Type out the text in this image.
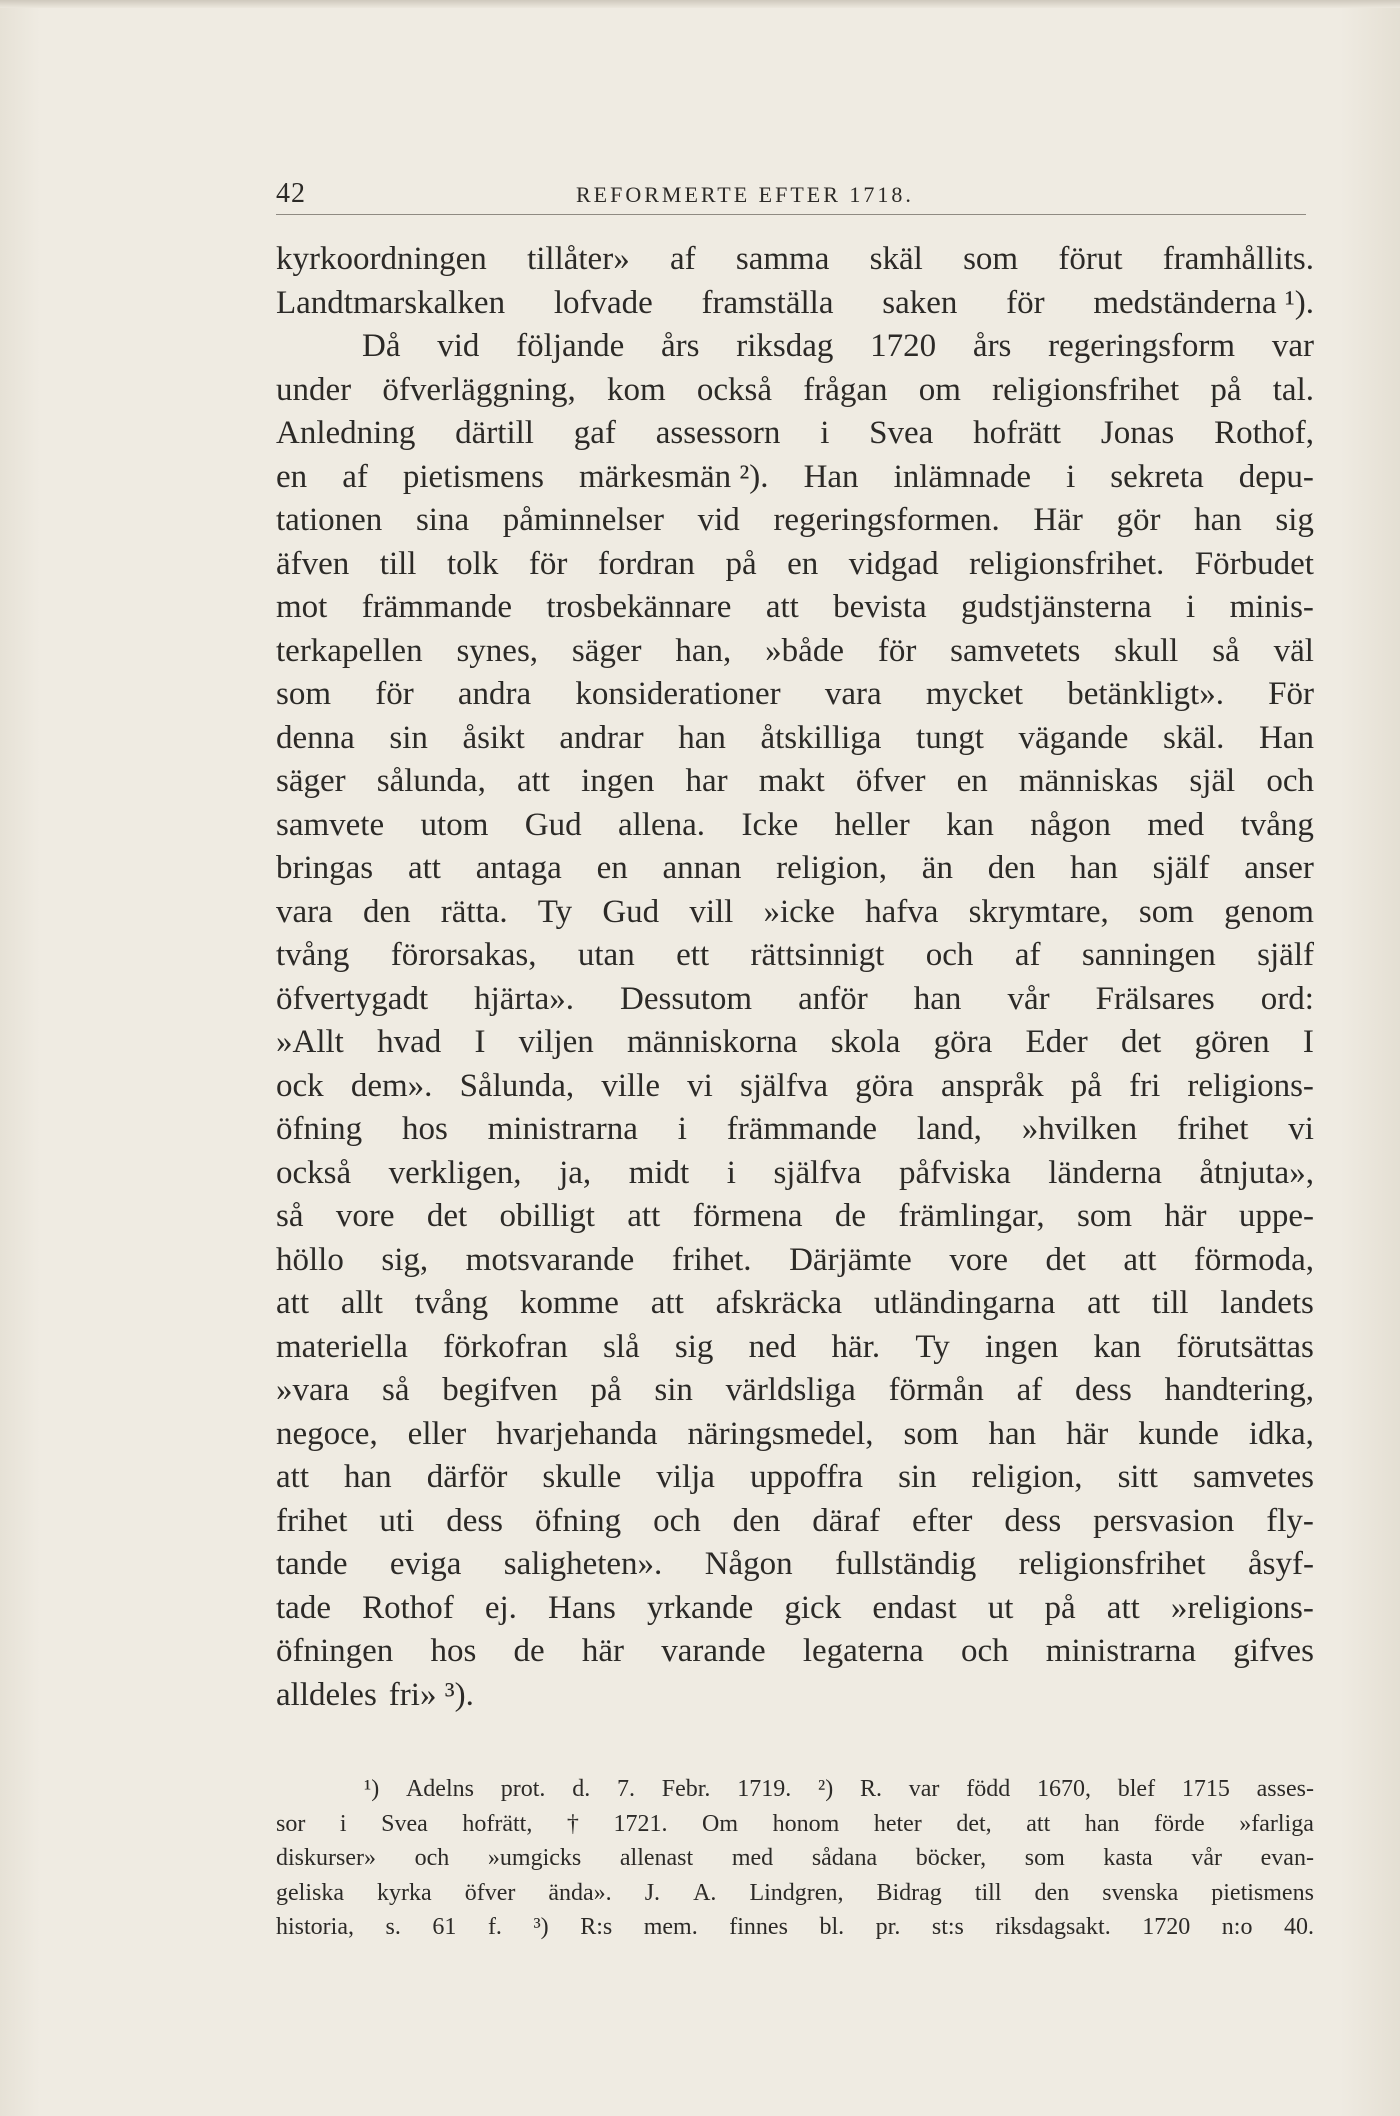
42	REFORMERTE EFTER 1718.
kyrkoordningen tillåter» af samma skäl som förut framhållits.
Landtmarskalken lofvade framställa saken för medständerna ¹).
Då vid följande års riksdag 1720 års regeringsform var
under öfverläggning, kom också frågan om religionsfrihet på tal.
Anledning därtill gaf assessorn i Svea hofrätt Jonas Rothof,
en af pietismens märkesmän ²). Han inlämnade i sekreta depu-
tationen sina påminnelser vid regeringsformen. Här gör han sig
äfven till tolk för fordran på en vidgad religionsfrihet. Förbudet
mot främmande trosbekännare att bevista gudstjänsterna i minis-
terkapellen synes, säger han, »både för samvetets skull så väl
som för andra konsiderationer vara mycket betänkligt». För
denna sin åsikt andrar han åtskilliga tungt vägande skäl. Han
säger sålunda, att ingen har makt öfver en människas själ och
samvete utom Gud allena. Icke heller kan någon med tvång
bringas att antaga en annan religion, än den han själf anser
vara den rätta. Ty Gud vill »icke hafva skrymtare, som genom
tvång förorsakas, utan ett rättsinnigt och af sanningen själf
öfvertygadt hjärta». Dessutom anför han vår Frälsares ord:
»Allt hvad I viljen människorna skola göra Eder det gören I
ock dem». Sålunda, ville vi själfva göra anspråk på fri religions-
öfning hos ministrarna i främmande land, »hvilken frihet vi
också verkligen, ja, midt i själfva påfviska länderna åtnjuta»,
så vore det obilligt att förmena de främlingar, som här uppe-
höllo sig, motsvarande frihet. Därjämte vore det att förmoda,
att allt tvång komme att afskräcka utländingarna att till landets
materiella förkofran slå sig ned här. Ty ingen kan förutsättas
»vara så begifven på sin världsliga förmån af dess handtering,
negoce, eller hvarjehanda näringsmedel, som han här kunde idka,
att han därför skulle vilja uppoffra sin religion, sitt samvetes
frihet uti dess öfning och den däraf efter dess persvasion fly-
tande eviga saligheten». Någon fullständig religionsfrihet åsyf-
tade Rothof ej. Hans yrkande gick endast ut på att »religions-
öfningen hos de här varande legaterna och ministrarna gifves
alldeles fri» ³).
¹) Adelns prot. d. 7. Febr. 1719. ²) R. var född 1670, blef 1715 asses-
sor i Svea hofrätt, † 1721. Om honom heter det, att han förde »farliga
diskurser» och »umgicks allenast med sådana böcker, som kasta vår evan-
geliska kyrka öfver ända». J. A. Lindgren, Bidrag till den svenska pietismens
historia, s. 61 f. ³) R:s mem. finnes bl. pr. st:s riksdagsakt. 1720 n:o 40.
